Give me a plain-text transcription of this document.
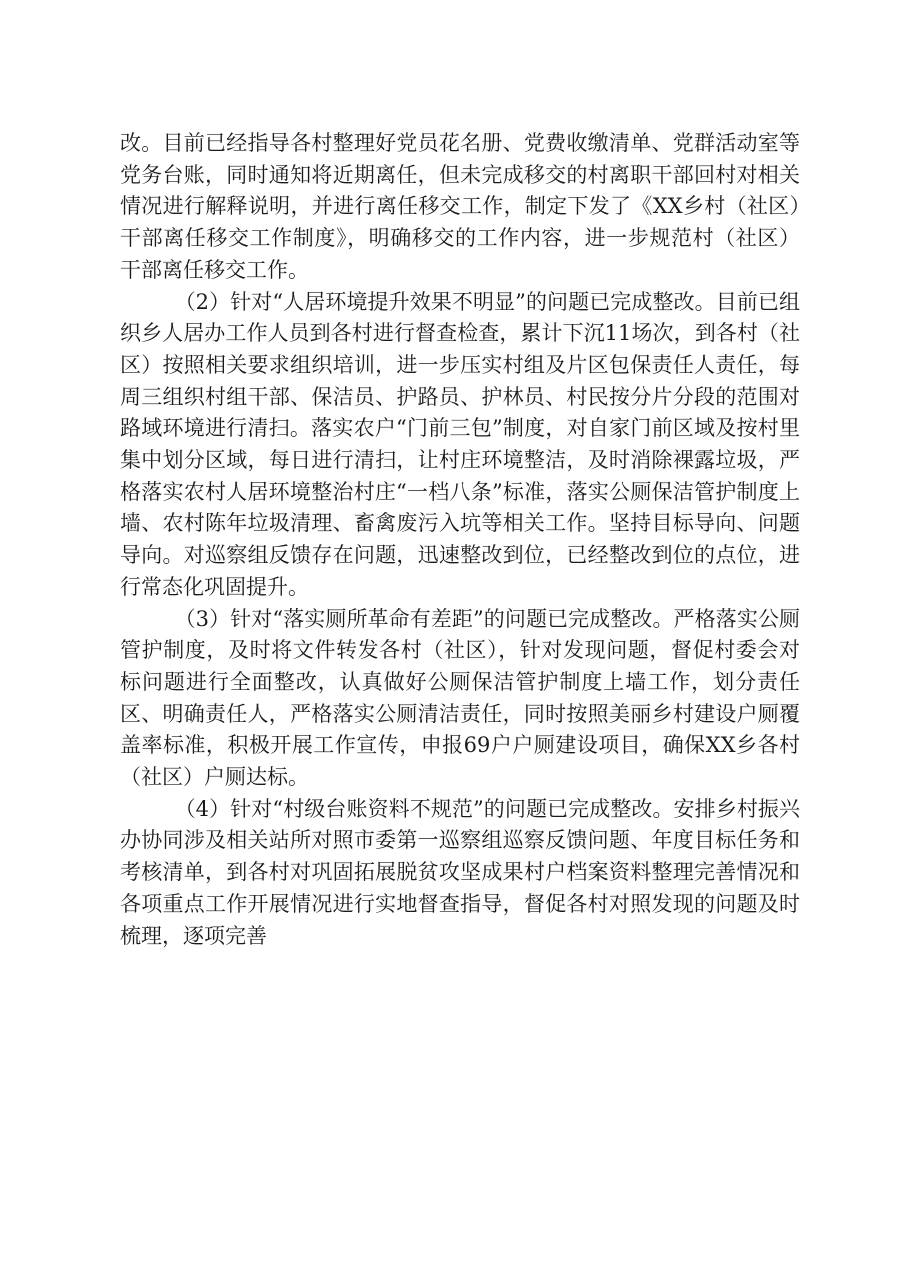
改。目前已经指导各村整理好党员花名册、党费收缴清单、党群活动室等党务台账，同时通知将近期离任，但未完成移交的村离职干部回村对相关情况进行解释说明，并进行离任移交工作，制定下发了《XX乡村（社区）干部离任移交工作制度》，明确移交的工作内容，进一步规范村（社区）干部离任移交工作。

（2）针对“人居环境提升效果不明显”的问题已完成整改。目前已组织乡人居办工作人员到各村进行督查检查，累计下沉11场次，到各村（社区）按照相关要求组织培训，进一步压实村组及片区包保责任人责任，每周三组织村组干部、保洁员、护路员、护林员、村民按分片分段的范围对路域环境进行清扫。落实农户“门前三包”制度，对自家门前区域及按村里集中划分区域，每日进行清扫，让村庄环境整洁，及时消除裸露垃圾，严格落实农村人居环境整治村庄“一档八条”标准，落实公厕保洁管护制度上墙、农村陈年垃圾清理、畜禽废污入坑等相关工作。坚持目标导向、问题导向。对巡察组反馈存在问题，迅速整改到位，已经整改到位的点位，进行常态化巩固提升。

（3）针对“落实厕所革命有差距”的问题已完成整改。严格落实公厕管护制度，及时将文件转发各村（社区），针对发现问题，督促村委会对标问题进行全面整改，认真做好公厕保洁管护制度上墙工作，划分责任区、明确责任人，严格落实公厕清洁责任，同时按照美丽乡村建设户厕覆盖率标准，积极开展工作宣传，申报69户户厕建设项目，确保XX乡各村（社区）户厕达标。

（4）针对“村级台账资料不规范”的问题已完成整改。安排乡村振兴办协同涉及相关站所对照市委第一巡察组巡察反馈问题、年度目标任务和考核清单，到各村对巩固拓展脱贫攻坚成果村户档案资料整理完善情况和各项重点工作开展情况进行实地督查指导，督促各村对照发现的问题及时梳理，逐项完善
